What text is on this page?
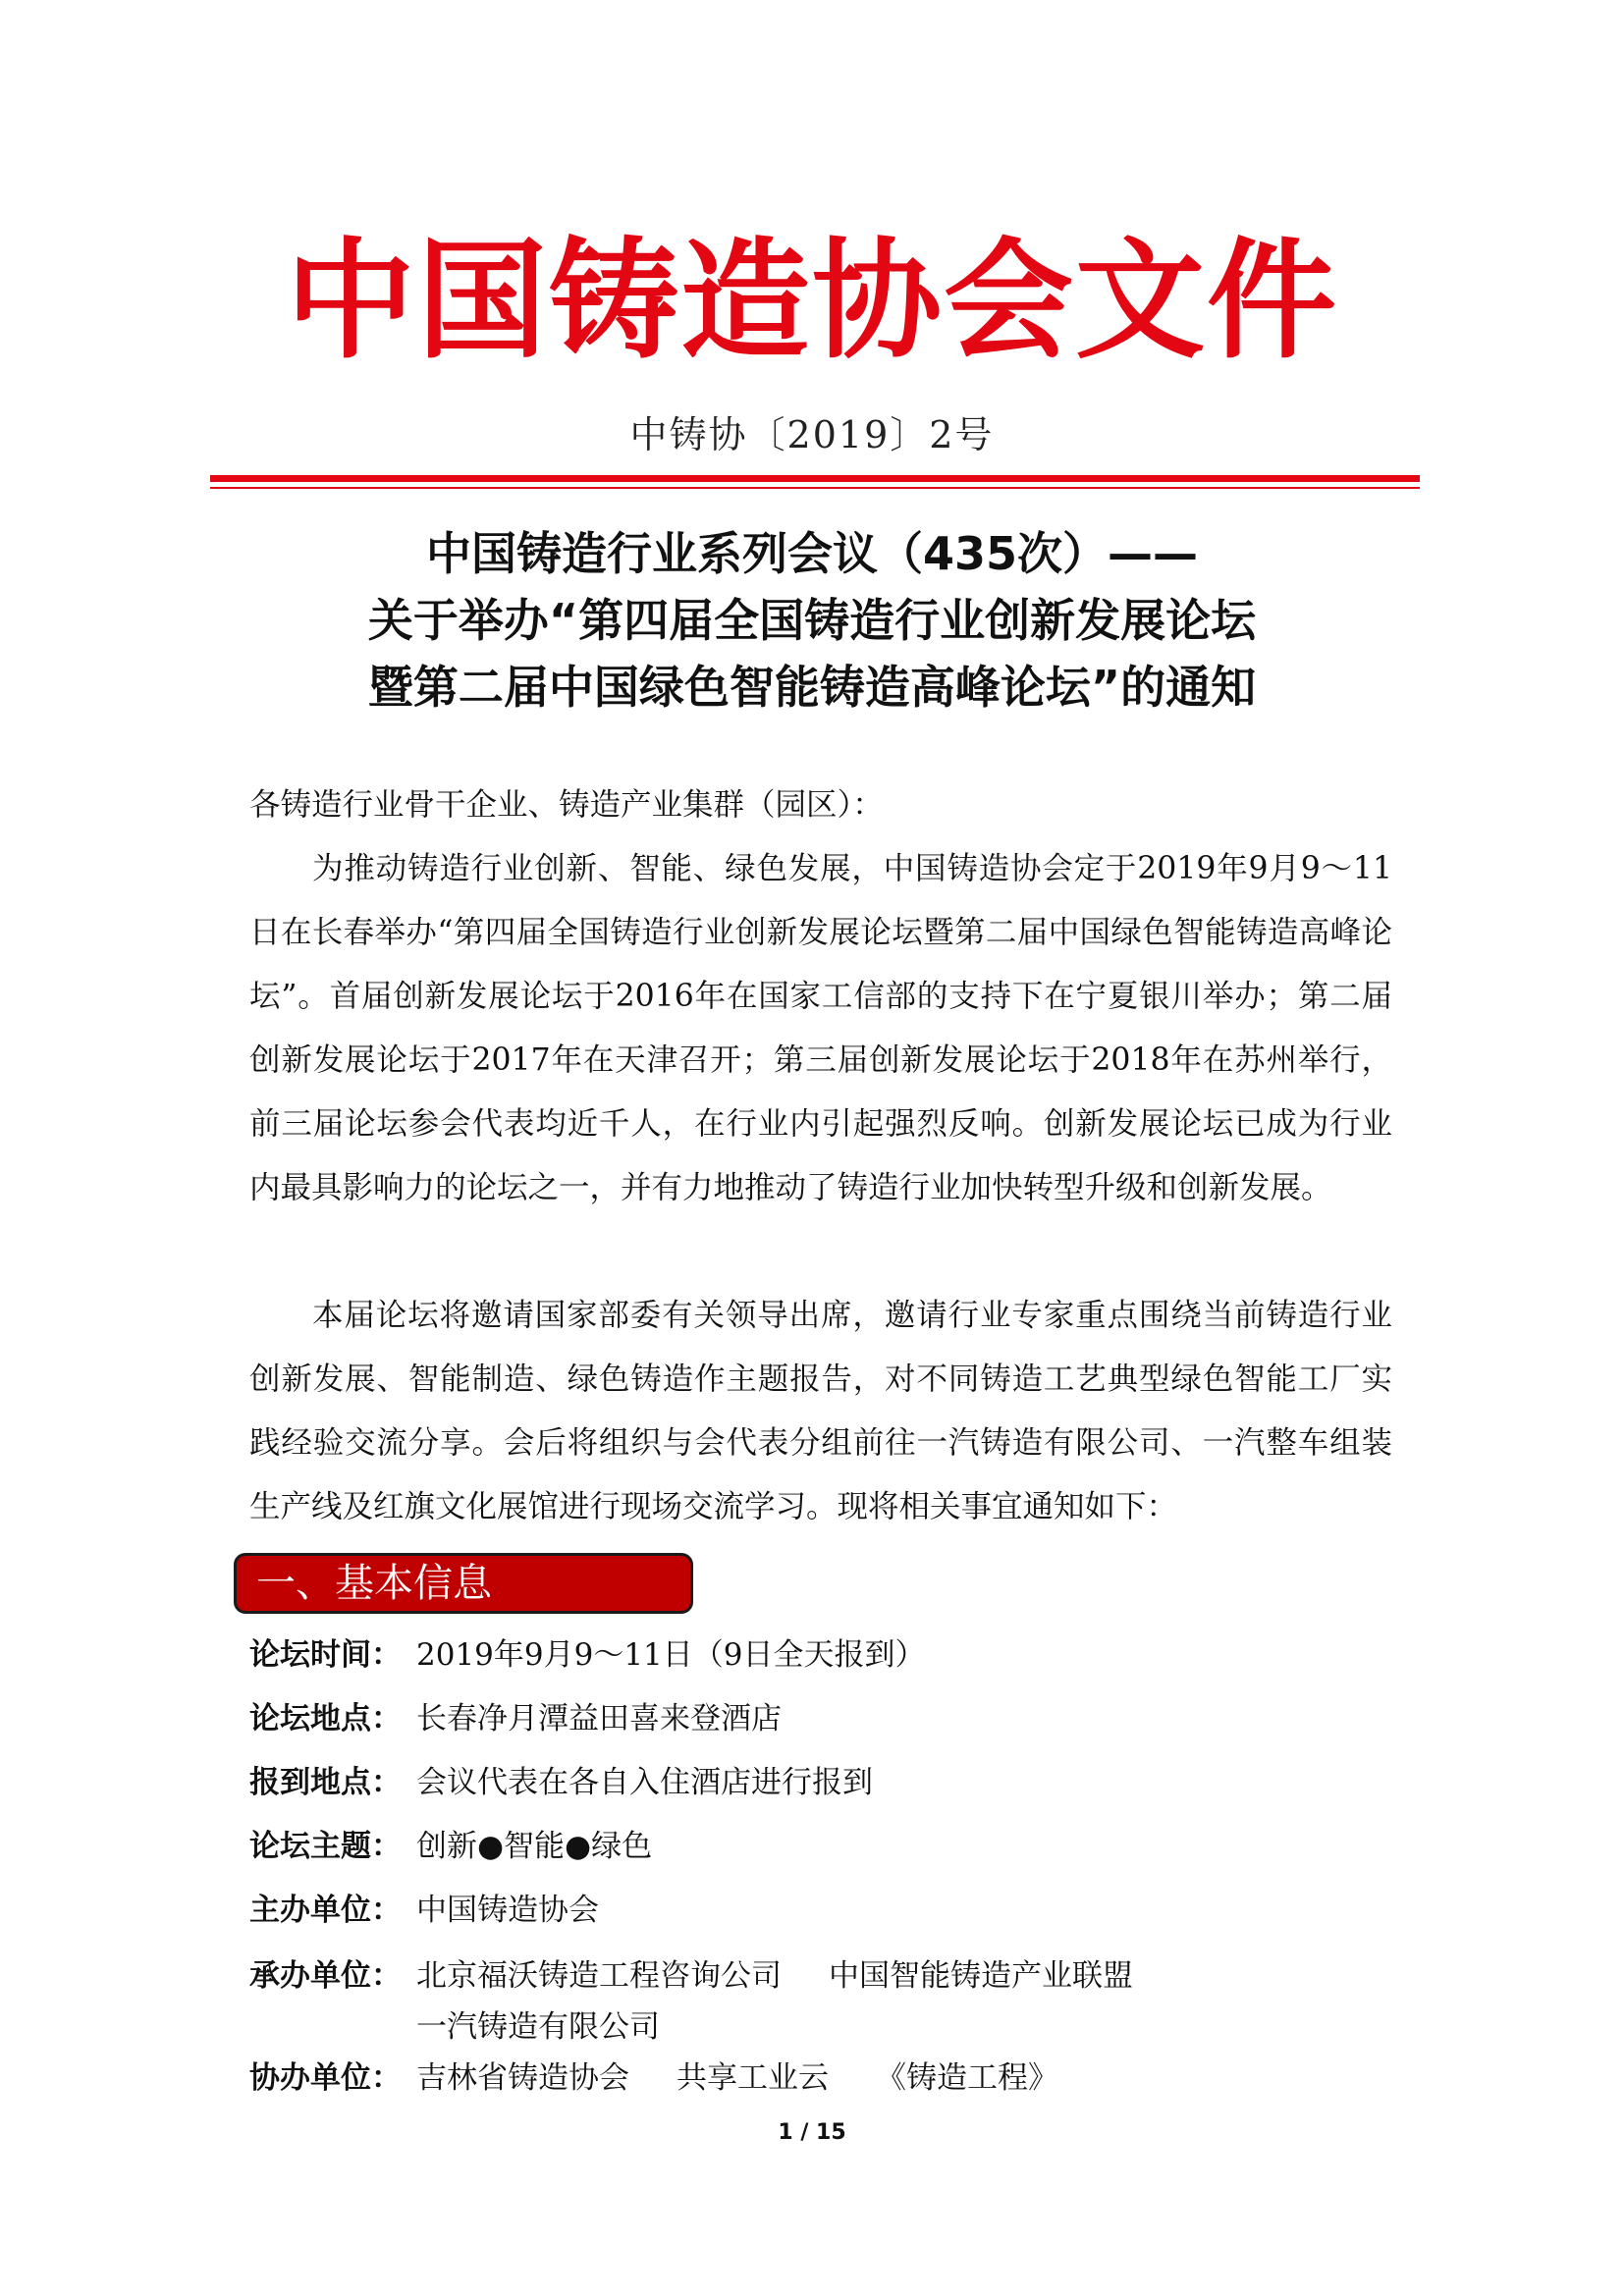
中国铸造协会文件
中铸协〔2019〕2号
中国铸造行业系列会议（435次）——
关于举办“第四届全国铸造行业创新发展论坛
暨第二届中国绿色智能铸造高峰论坛”的通知
各铸造行业骨干企业、铸造产业集群（园区）：
为推动铸造行业创新、智能、绿色发展，中国铸造协会定于2019年9月9～11日在长春举办“第四届全国铸造行业创新发展论坛暨第二届中国绿色智能铸造高峰论坛”。首届创新发展论坛于2016年在国家工信部的支持下在宁夏银川举办；第二届创新发展论坛于2017年在天津召开；第三届创新发展论坛于2018年在苏州举行，前三届论坛参会代表均近千人，在行业内引起强烈反响。创新发展论坛已成为行业内最具影响力的论坛之一，并有力地推动了铸造行业加快转型升级和创新发展。
本届论坛将邀请国家部委有关领导出席，邀请行业专家重点围绕当前铸造行业创新发展、智能制造、绿色铸造作主题报告，对不同铸造工艺典型绿色智能工厂实践经验交流分享。会后将组织与会代表分组前往一汽铸造有限公司、一汽整车组装生产线及红旗文化展馆进行现场交流学习。现将相关事宜通知如下：
一、基本信息
论坛时间： 2019年9月9～11日（9日全天报到）
论坛地点： 长春净月潭益田喜来登酒店
报到地点： 会议代表在各自入住酒店进行报到
论坛主题： 创新●智能●绿色
主办单位： 中国铸造协会
承办单位： 北京福沃铸造工程咨询公司 中国智能铸造产业联盟
一汽铸造有限公司
协办单位： 吉林省铸造协会 共享工业云 《铸造工程》
1 / 15
